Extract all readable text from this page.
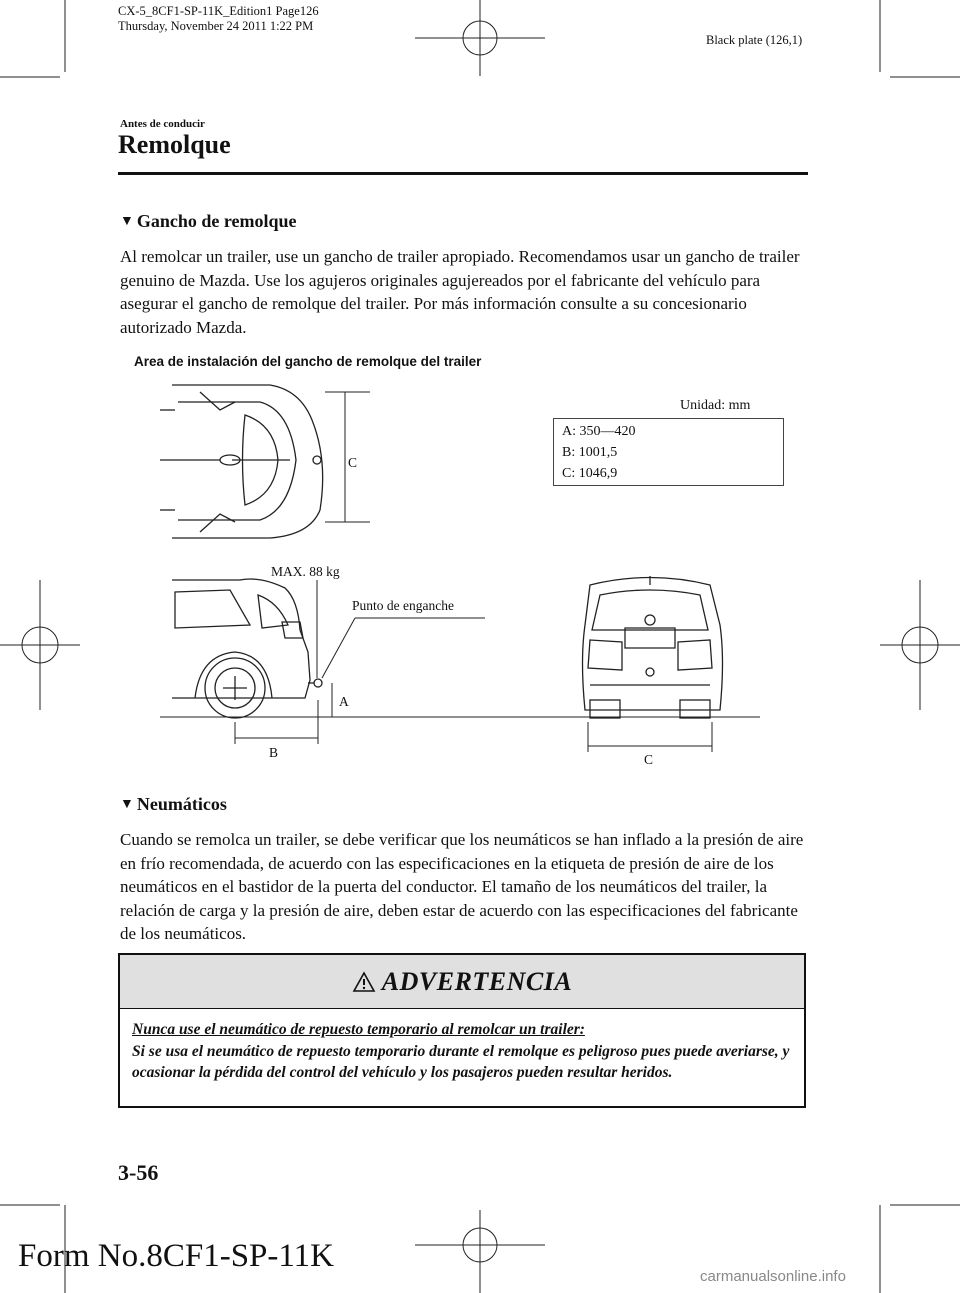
CX-5_8CF1-SP-11K_Edition1 Page126
Thursday, November 24 2011 1:22 PM
Black plate (126,1)
Antes de conducir
Remolque
▼ Gancho de remolque
Al remolcar un trailer, use un gancho de trailer apropiado. Recomendamos usar un gancho de trailer genuino de Mazda. Use los agujeros originales agujereados por el fabricante del vehículo para asegurar el gancho de remolque del trailer. Por más información consulte a su concesionario autorizado Mazda.
Area de instalación del gancho de remolque del trailer
C
MAX. 88 kg
Punto de enganche
A
B	C
Unidad: mm
A: 350—420
B: 1001,5
C: 1046,9
▼ Neumáticos
Cuando se remolca un trailer, se debe verificar que los neumáticos se han inflado a la presión de aire en frío recomendada, de acuerdo con las especificaciones en la etiqueta de presión de aire de los neumáticos en el bastidor de la puerta del conductor. El tamaño de los neumáticos del trailer, la relación de carga y la presión de aire, deben estar de acuerdo con las especificaciones del fabricante de los neumáticos.
ADVERTENCIA
Nunca use el neumático de repuesto temporario al remolcar un trailer:
Si se usa el neumático de repuesto temporario durante el remolque es peligroso pues puede averiarse, y ocasionar la pérdida del control del vehículo y los pasajeros pueden resultar heridos.
3-56
Form No.8CF1-SP-11K
carmanualsonline.info
